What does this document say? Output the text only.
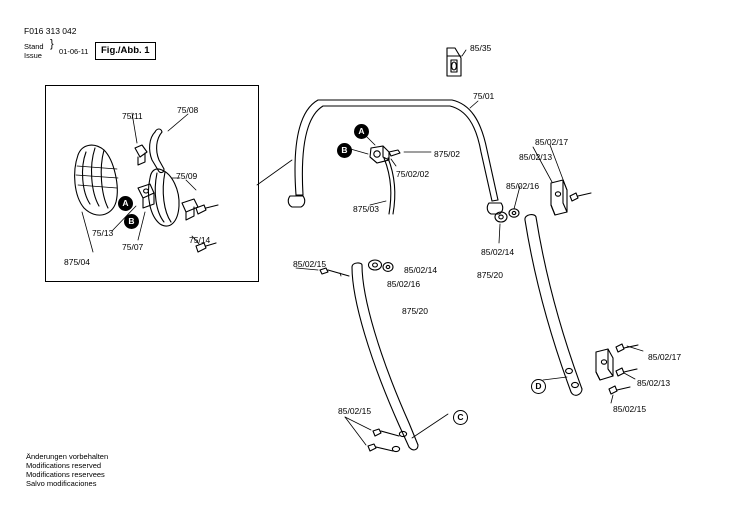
F016 313 042
Stand
Issue
}
01-06-11	Fig./Abb. 1
75/11
75/08
75/09
75/13
75/07
75/14
875/04
85/35
75/01
875/02
75/02/02
875/03
85/02/17
85/02/13
85/02/16
85/02/14
875/20
85/02/15
85/02/14
85/02/16
875/20
85/02/17
85/02/13
85/02/15
85/02/15
A
B
A
B
C
D
Änderungen vorbehalten
Modifications reserved
Modifications reservees
Salvo modificaciones
